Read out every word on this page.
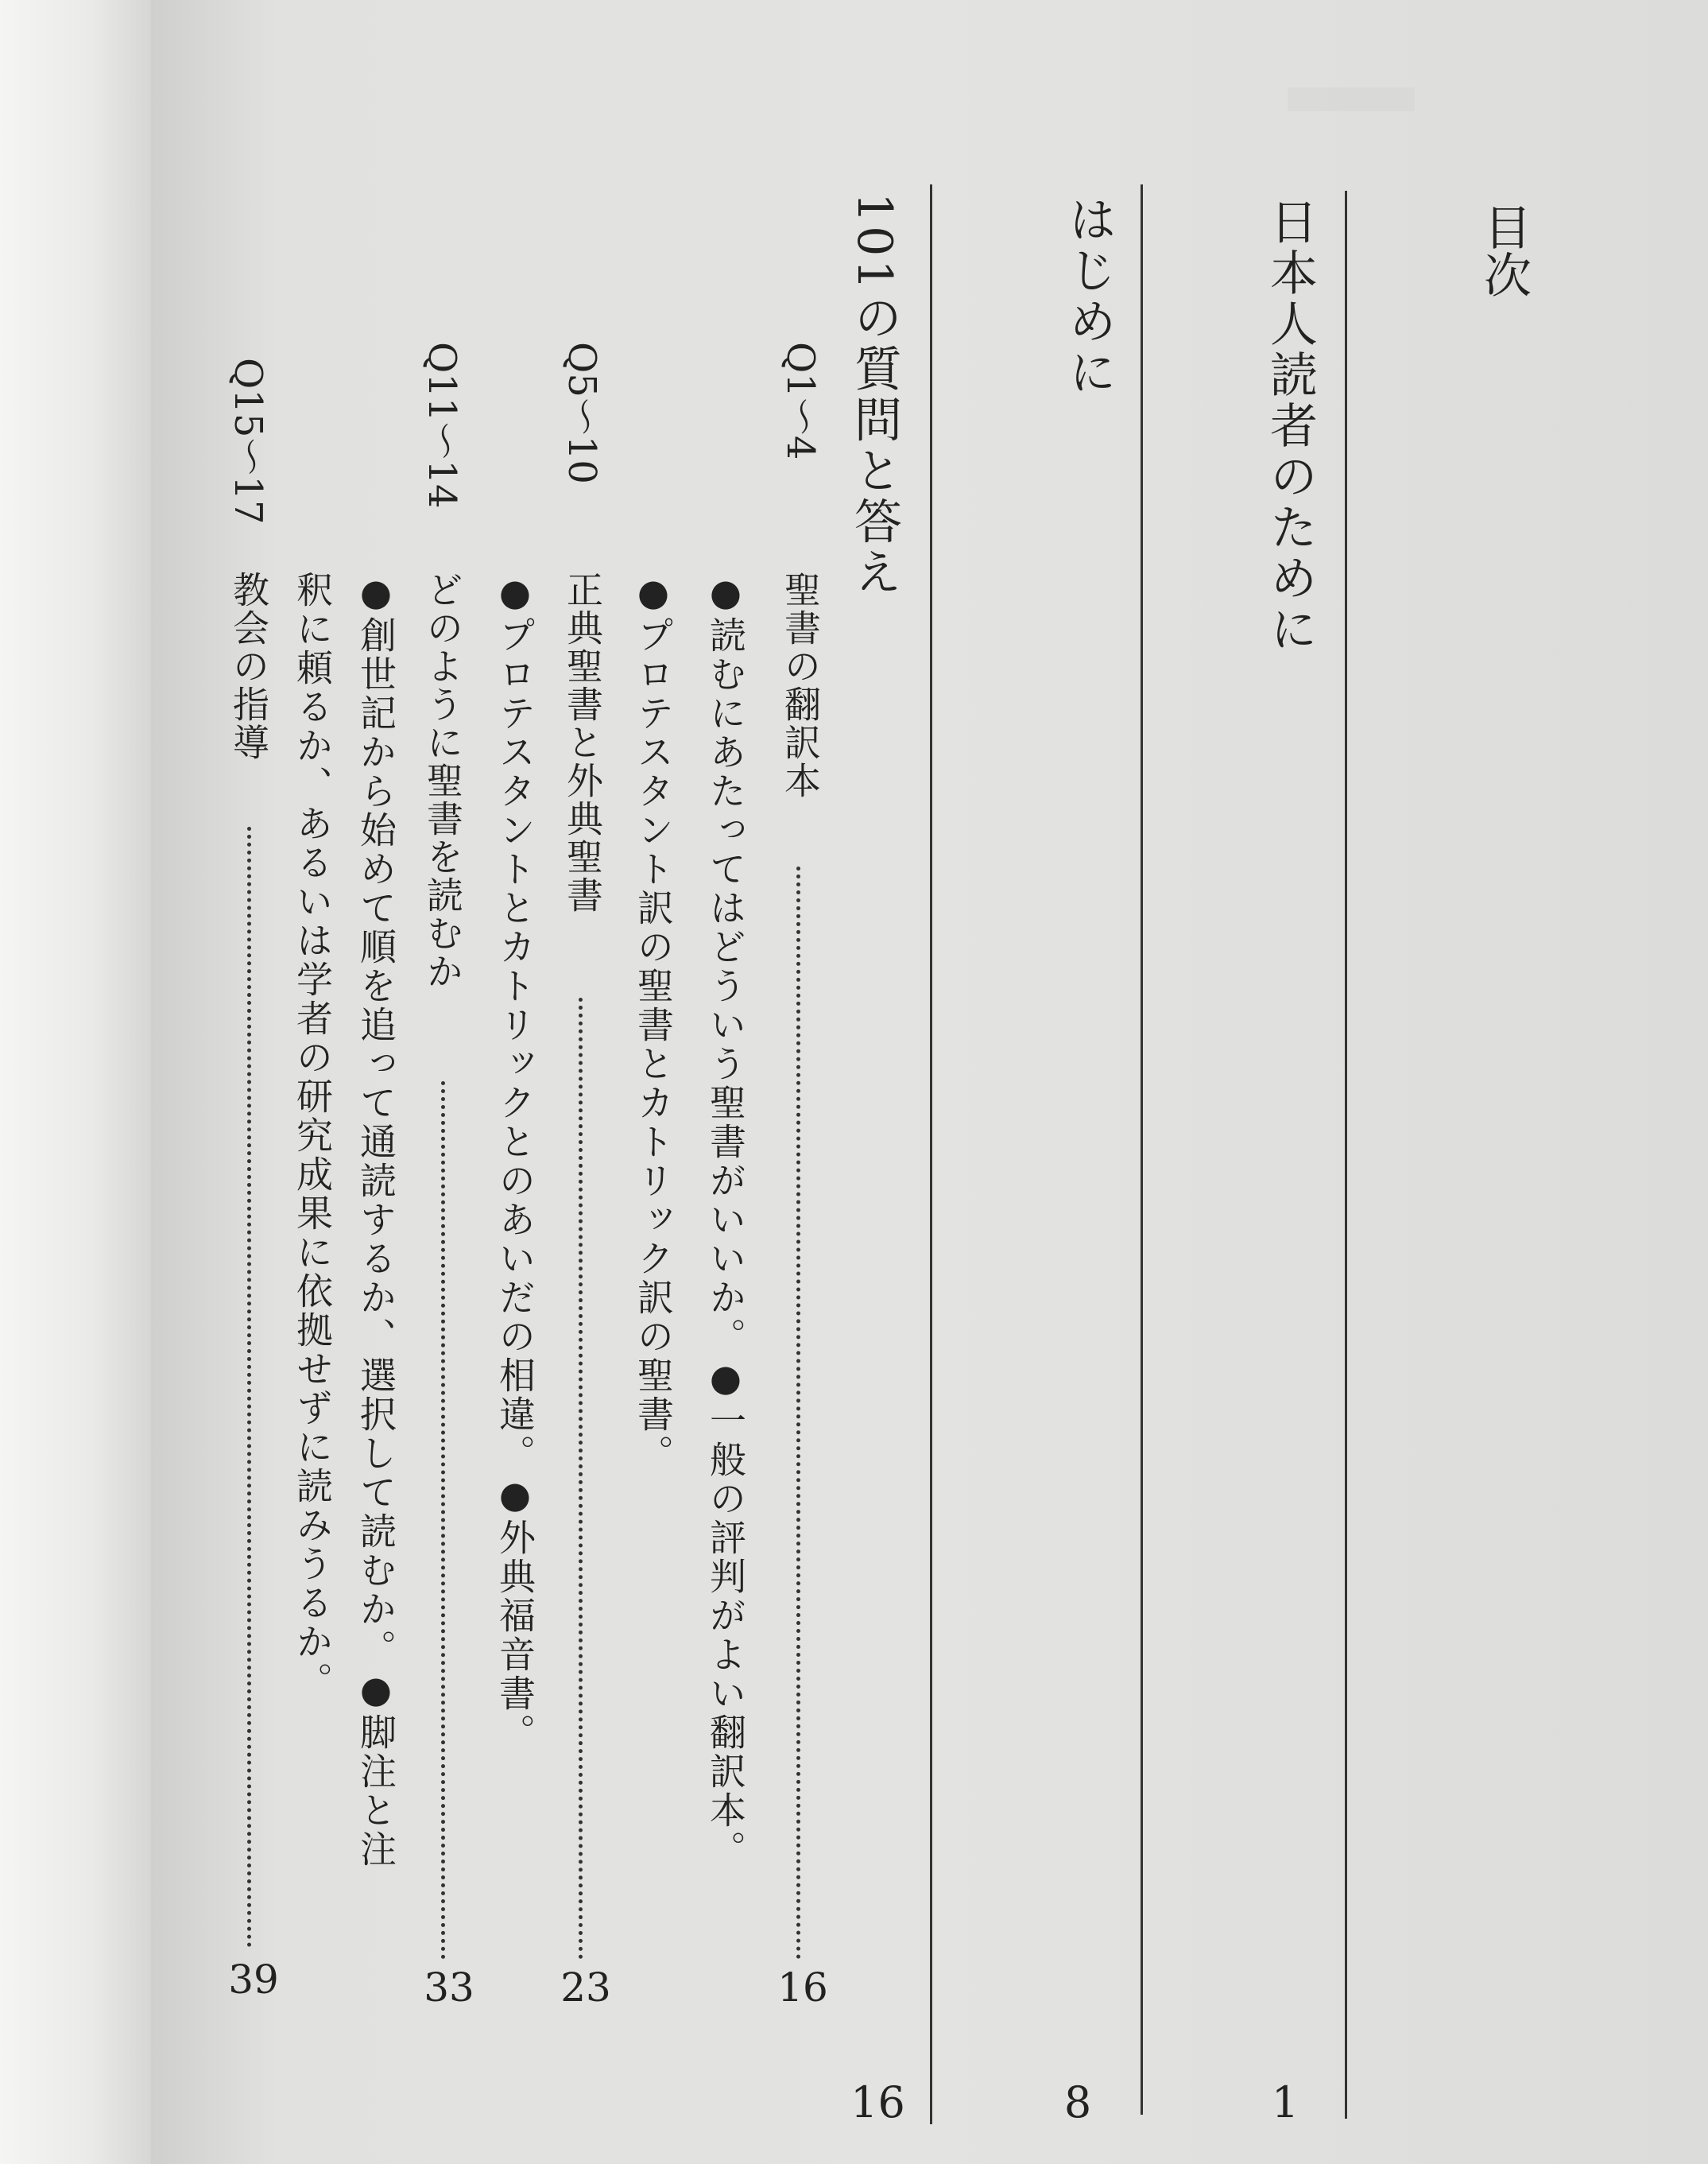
目次
日本人読者のために
1
はじめに
8
101の質問と答え
16
Q1〜4
聖書の翻訳本
16
●読むにあたってはどういう聖書がいいか。●一般の評判がよい翻訳本。
Q5〜10
正典聖書と外典聖書
23
●プロテスタント訳の聖書とカトリック訳の聖書。
Q11〜14
どのように聖書を読むか
33
●プロテスタントとカトリックとのあいだの相違。●外典福音書。
Q15〜17
教会の指導
39
●創世記から始めて順を追って通読するか、選択して読むか。●脚注と注
釈に頼るか、あるいは学者の研究成果に依拠せずに読みうるか。
